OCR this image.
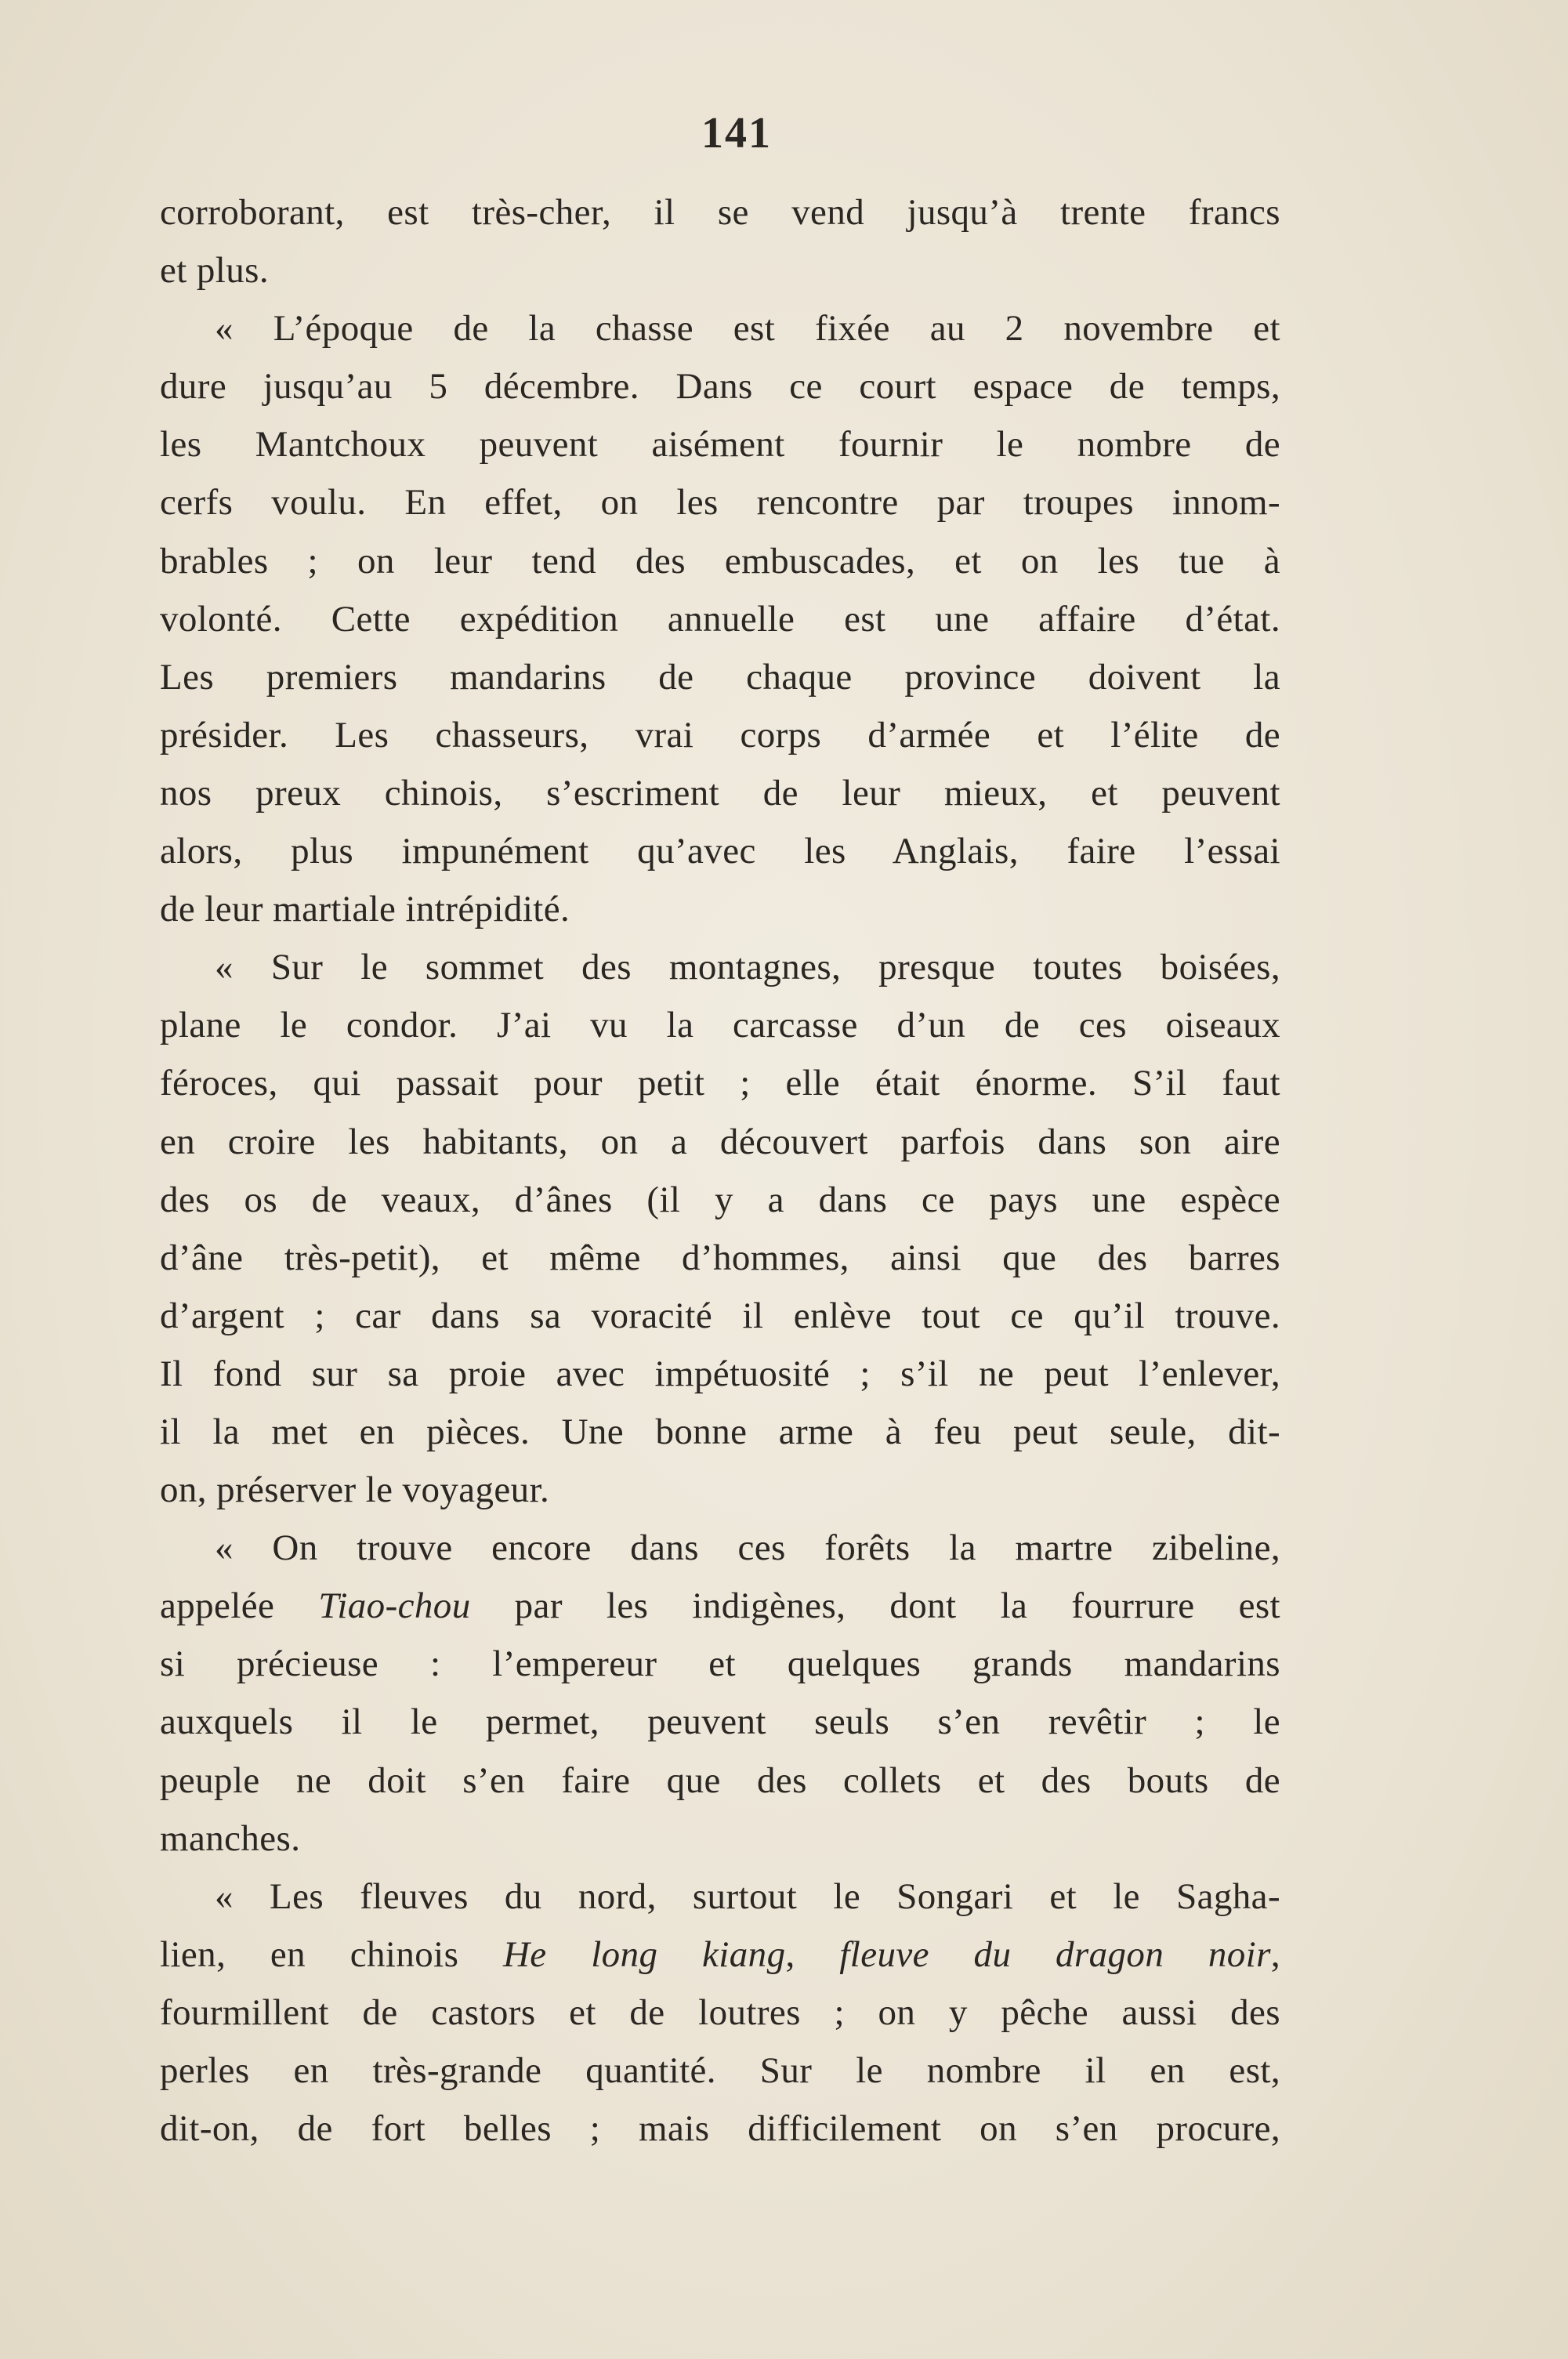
141
corroborant, est très-cher, il se vend jusqu’à trente francs
et plus.
« L’époque de la chasse est fixée au 2 novembre et
dure jusqu’au 5 décembre. Dans ce court espace de temps,
les Mantchoux peuvent aisément fournir le nombre de
cerfs voulu. En effet, on les rencontre par troupes innom-
brables ; on leur tend des embuscades, et on les tue à
volonté. Cette expédition annuelle est une affaire d’état.
Les premiers mandarins de chaque province doivent la
présider. Les chasseurs, vrai corps d’armée et l’élite de
nos preux chinois, s’escriment de leur mieux, et peuvent
alors, plus impunément qu’avec les Anglais, faire l’essai
de leur martiale intrépidité.
« Sur le sommet des montagnes, presque toutes boisées,
plane le condor. J’ai vu la carcasse d’un de ces oiseaux
féroces, qui passait pour petit ; elle était énorme. S’il faut
en croire les habitants, on a découvert parfois dans son aire
des os de veaux, d’ânes (il y a dans ce pays une espèce
d’âne très-petit), et même d’hommes, ainsi que des barres
d’argent ; car dans sa voracité il enlève tout ce qu’il trouve.
Il fond sur sa proie avec impétuosité ; s’il ne peut l’enlever,
il la met en pièces. Une bonne arme à feu peut seule, dit-
on, préserver le voyageur.
« On trouve encore dans ces forêts la martre zibeline,
appelée Tiao-chou par les indigènes, dont la fourrure est
si précieuse : l’empereur et quelques grands mandarins
auxquels il le permet, peuvent seuls s’en revêtir ; le
peuple ne doit s’en faire que des collets et des bouts de
manches.
« Les fleuves du nord, surtout le Songari et le Sagha-
lien, en chinois He long kiang, fleuve du dragon noir,
fourmillent de castors et de loutres ; on y pêche aussi des
perles en très-grande quantité. Sur le nombre il en est,
dit-on, de fort belles ; mais difficilement on s’en procure,
